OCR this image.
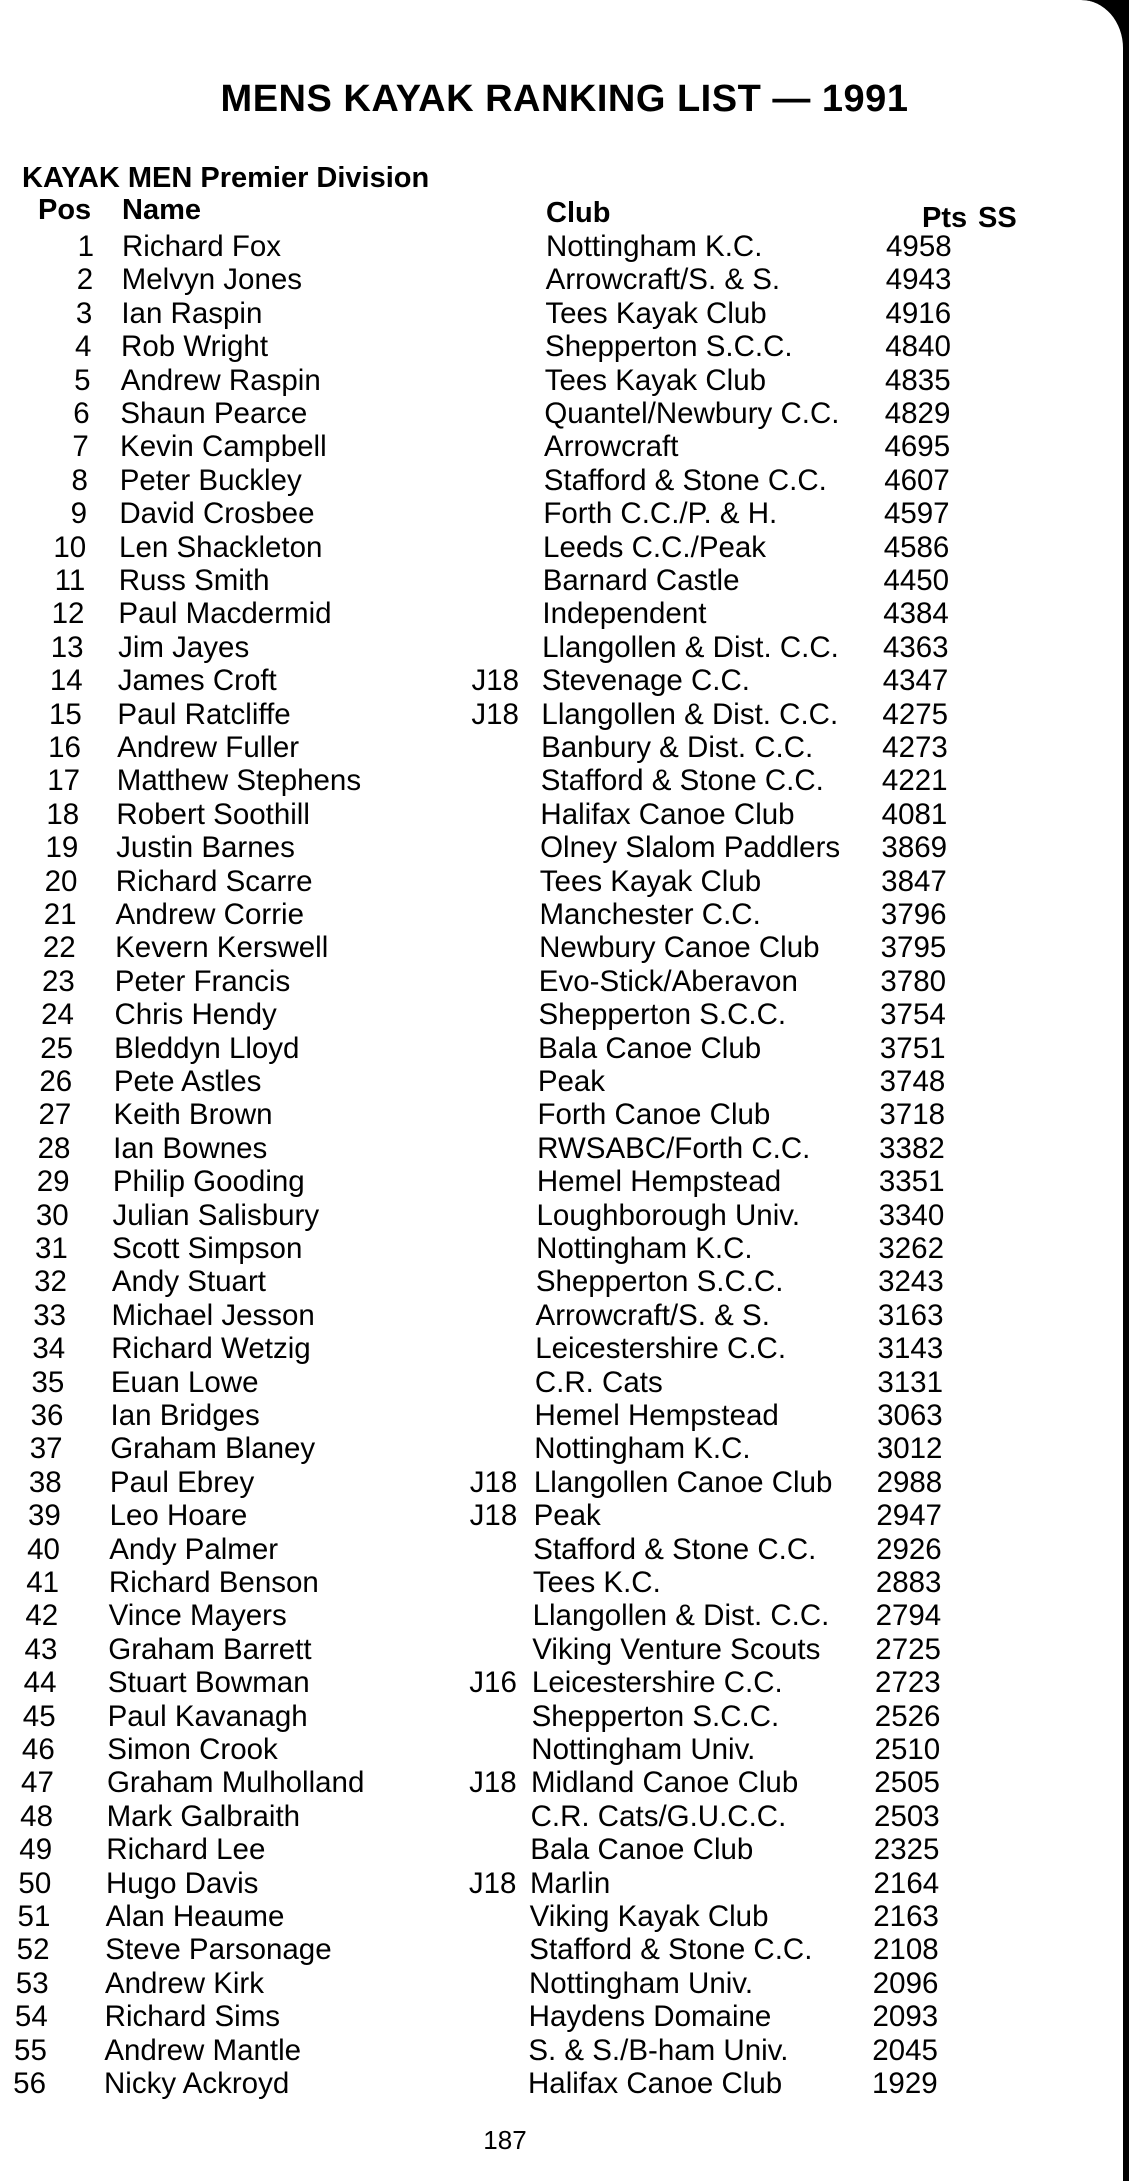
MENS KAYAK RANKING LIST — 1991
KAYAK MEN Premier Division
Pos Name	Club	Pts SS
1 Richard Fox	Nottingham K.C.	4958
2 Melvyn Jones	Arrowcraft/S. & S.	4943
3 Ian Raspin	Tees Kayak Club	4916
4 Rob Wright	Shepperton S.C.C.	4840
5 Andrew Raspin	Tees Kayak Club	4835
6 Shaun Pearce	Quantel/Newbury C.C. 4829
7 Kevin Campbell	Arrowcraft	4695
8 Peter Buckley	Stafford & Stone C.C. 4607
9 David Crosbee	Forth C.C./P. & H.	4597
10 Len Shackleton	Leeds C.C./Peak	4586
11 Russ Smith	Barnard Castle	4450
12 Paul Macdermid	Independent	4384
13 Jim Jayes	Llangollen & Dist. C.C. 4363
14 James Croft	J18 Stevenage C.C.	4347
15 Paul Ratcliffe	J18 Llangollen & Dist. C.C. 4275
16 Andrew Fuller	Banbury & Dist. C.C. 4273
17 Matthew Stephens	Stafford & Stone C.C. 4221
18 Robert Soothill	Halifax Canoe Club	4081
19 Justin Barnes	Olney Slalom Paddlers 3869
20 Richard Scarre	Tees Kayak Club	3847
21 Andrew Corrie	Manchester C.C.	3796
22 Kevern Kerswell	Newbury Canoe Club 3795
23 Peter Francis	Evo-Stick/Aberavon	3780
24 Chris Hendy	Shepperton S.C.C.	3754
25 Bleddyn Lloyd	Bala Canoe Club	3751
26 Pete Astles	Peak	3748
27 Keith Brown	Forth Canoe Club	3718
28 Ian Bownes	RWSABC/Forth C.C. 3382
29 Philip Gooding	Hemel Hempstead	3351
30 Julian Salisbury	Loughborough Univ.	3340
31 Scott Simpson	Nottingham K.C.	3262
32 Andy Stuart	Shepperton S.C.C.	3243
33 Michael Jesson	Arrowcraft/S. & S.	3163
34 Richard Wetzig	Leicestershire C.C.	3143
35 Euan Lowe	C.R. Cats	3131
36 Ian Bridges	Hemel Hempstead	3063
37 Graham Blaney	Nottingham K.C.	3012
38 Paul Ebrey	J18 Llangollen Canoe Club 2988
39 Leo Hoare	J18 Peak	2947
40 Andy Palmer	Stafford & Stone C.C. 2926
41 Richard Benson	Tees K.C.	2883
42 Vince Mayers	Llangollen & Dist. C.C. 2794
43 Graham Barrett	Viking Venture Scouts 2725
44 Stuart Bowman	J16 Leicestershire C.C.	2723
45 Paul Kavanagh	Shepperton S.C.C.	2526
46 Simon Crook	Nottingham Univ.	2510
47 Graham Mulholland	J18 Midland Canoe Club	2505
48 Mark Galbraith	C.R. Cats/G.U.C.C.	2503
49 Richard Lee	Bala Canoe Club	2325
50 Hugo Davis	J18 Marlin	2164
51 Alan Heaume	Viking Kayak Club	2163
52 Steve Parsonage	Stafford & Stone C.C. 2108
53 Andrew Kirk	Nottingham Univ.	2096
54 Richard Sims	Haydens Domaine	2093
55 Andrew Mantle	S. & S./B-ham Univ.	2045
56 Nicky Ackroyd	Halifax Canoe Club	1929
187
